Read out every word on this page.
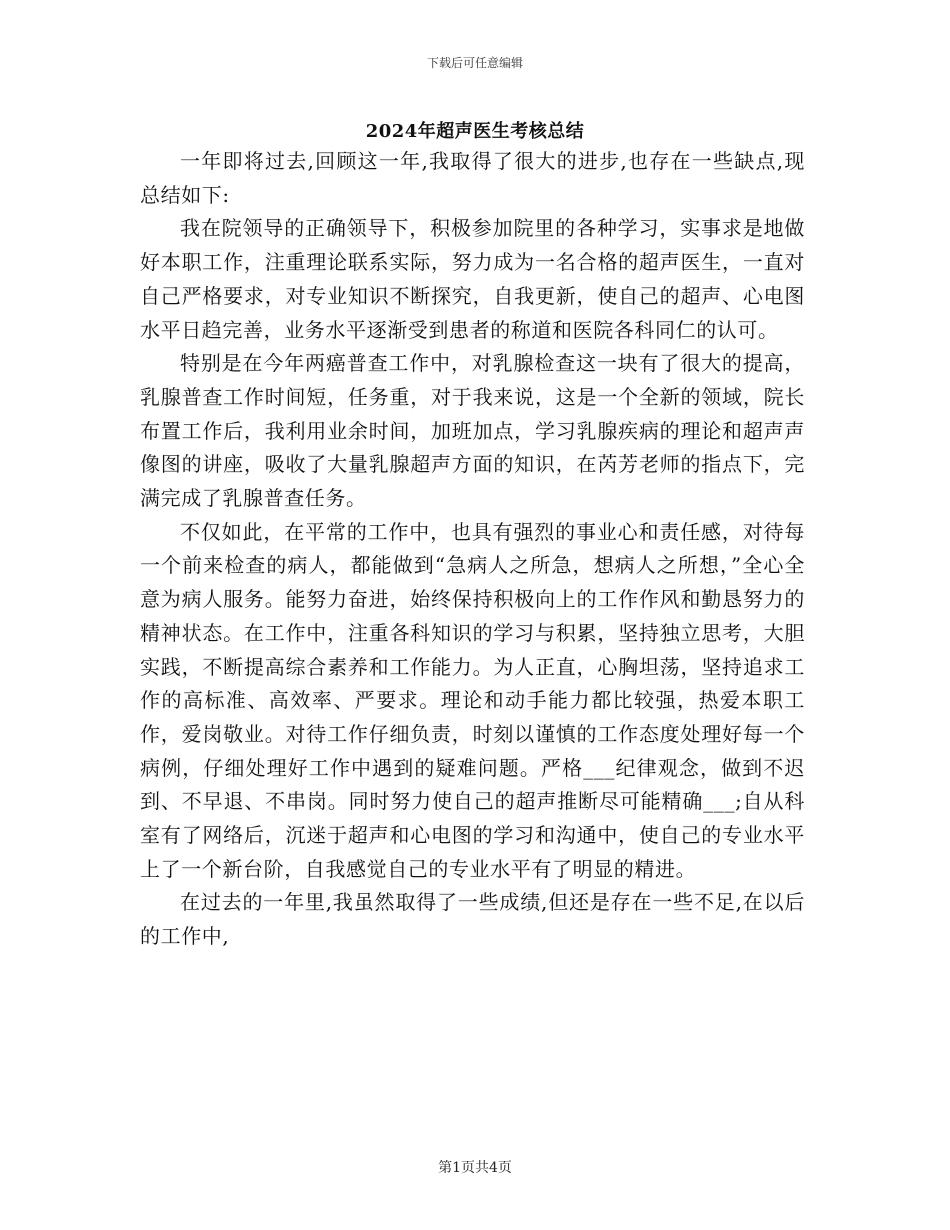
下载后可任意编辑
2024年超声医生考核总结

一年即将过去,回顾这一年,我取得了很大的进步,也存在一些缺点,现总结如下:

我在院领导的正确领导下，积极参加院里的各种学习，实事求是地做好本职工作，注重理论联系实际，努力成为一名合格的超声医生，一直对自己严格要求，对专业知识不断探究，自我更新，使自己的超声、心电图水平日趋完善，业务水平逐渐受到患者的称道和医院各科同仁的认可。

特别是在今年两癌普查工作中，对乳腺检查这一块有了很大的提高，乳腺普查工作时间短，任务重，对于我来说，这是一个全新的领域，院长布置工作后，我利用业余时间，加班加点，学习乳腺疾病的理论和超声声像图的讲座，吸收了大量乳腺超声方面的知识，在芮芳老师的指点下，完满完成了乳腺普查任务。

不仅如此，在平常的工作中，也具有强烈的事业心和责任感，对待每一个前来检查的病人，都能做到“急病人之所急，想病人之所想，”全心全意为病人服务。能努力奋进，始终保持积极向上的工作作风和勤恳努力的精神状态。在工作中，注重各科知识的学习与积累，坚持独立思考，大胆实践，不断提高综合素养和工作能力。为人正直，心胸坦荡，坚持追求工作的高标准、高效率、严要求。理论和动手能力都比较强，热爱本职工作，爱岗敬业。对待工作仔细负责，时刻以谨慎的工作态度处理好每一个病例，仔细处理好工作中遇到的疑难问题。严格___纪律观念，做到不迟到、不早退、不串岗。同时努力使自己的超声推断尽可能精确___;自从科室有了网络后，沉迷于超声和心电图的学习和沟通中，使自己的专业水平上了一个新台阶，自我感觉自己的专业水平有了明显的精进。

在过去的一年里,我虽然取得了一些成绩,但还是存在一些不足,在以后的工作中,

第1页共4页
